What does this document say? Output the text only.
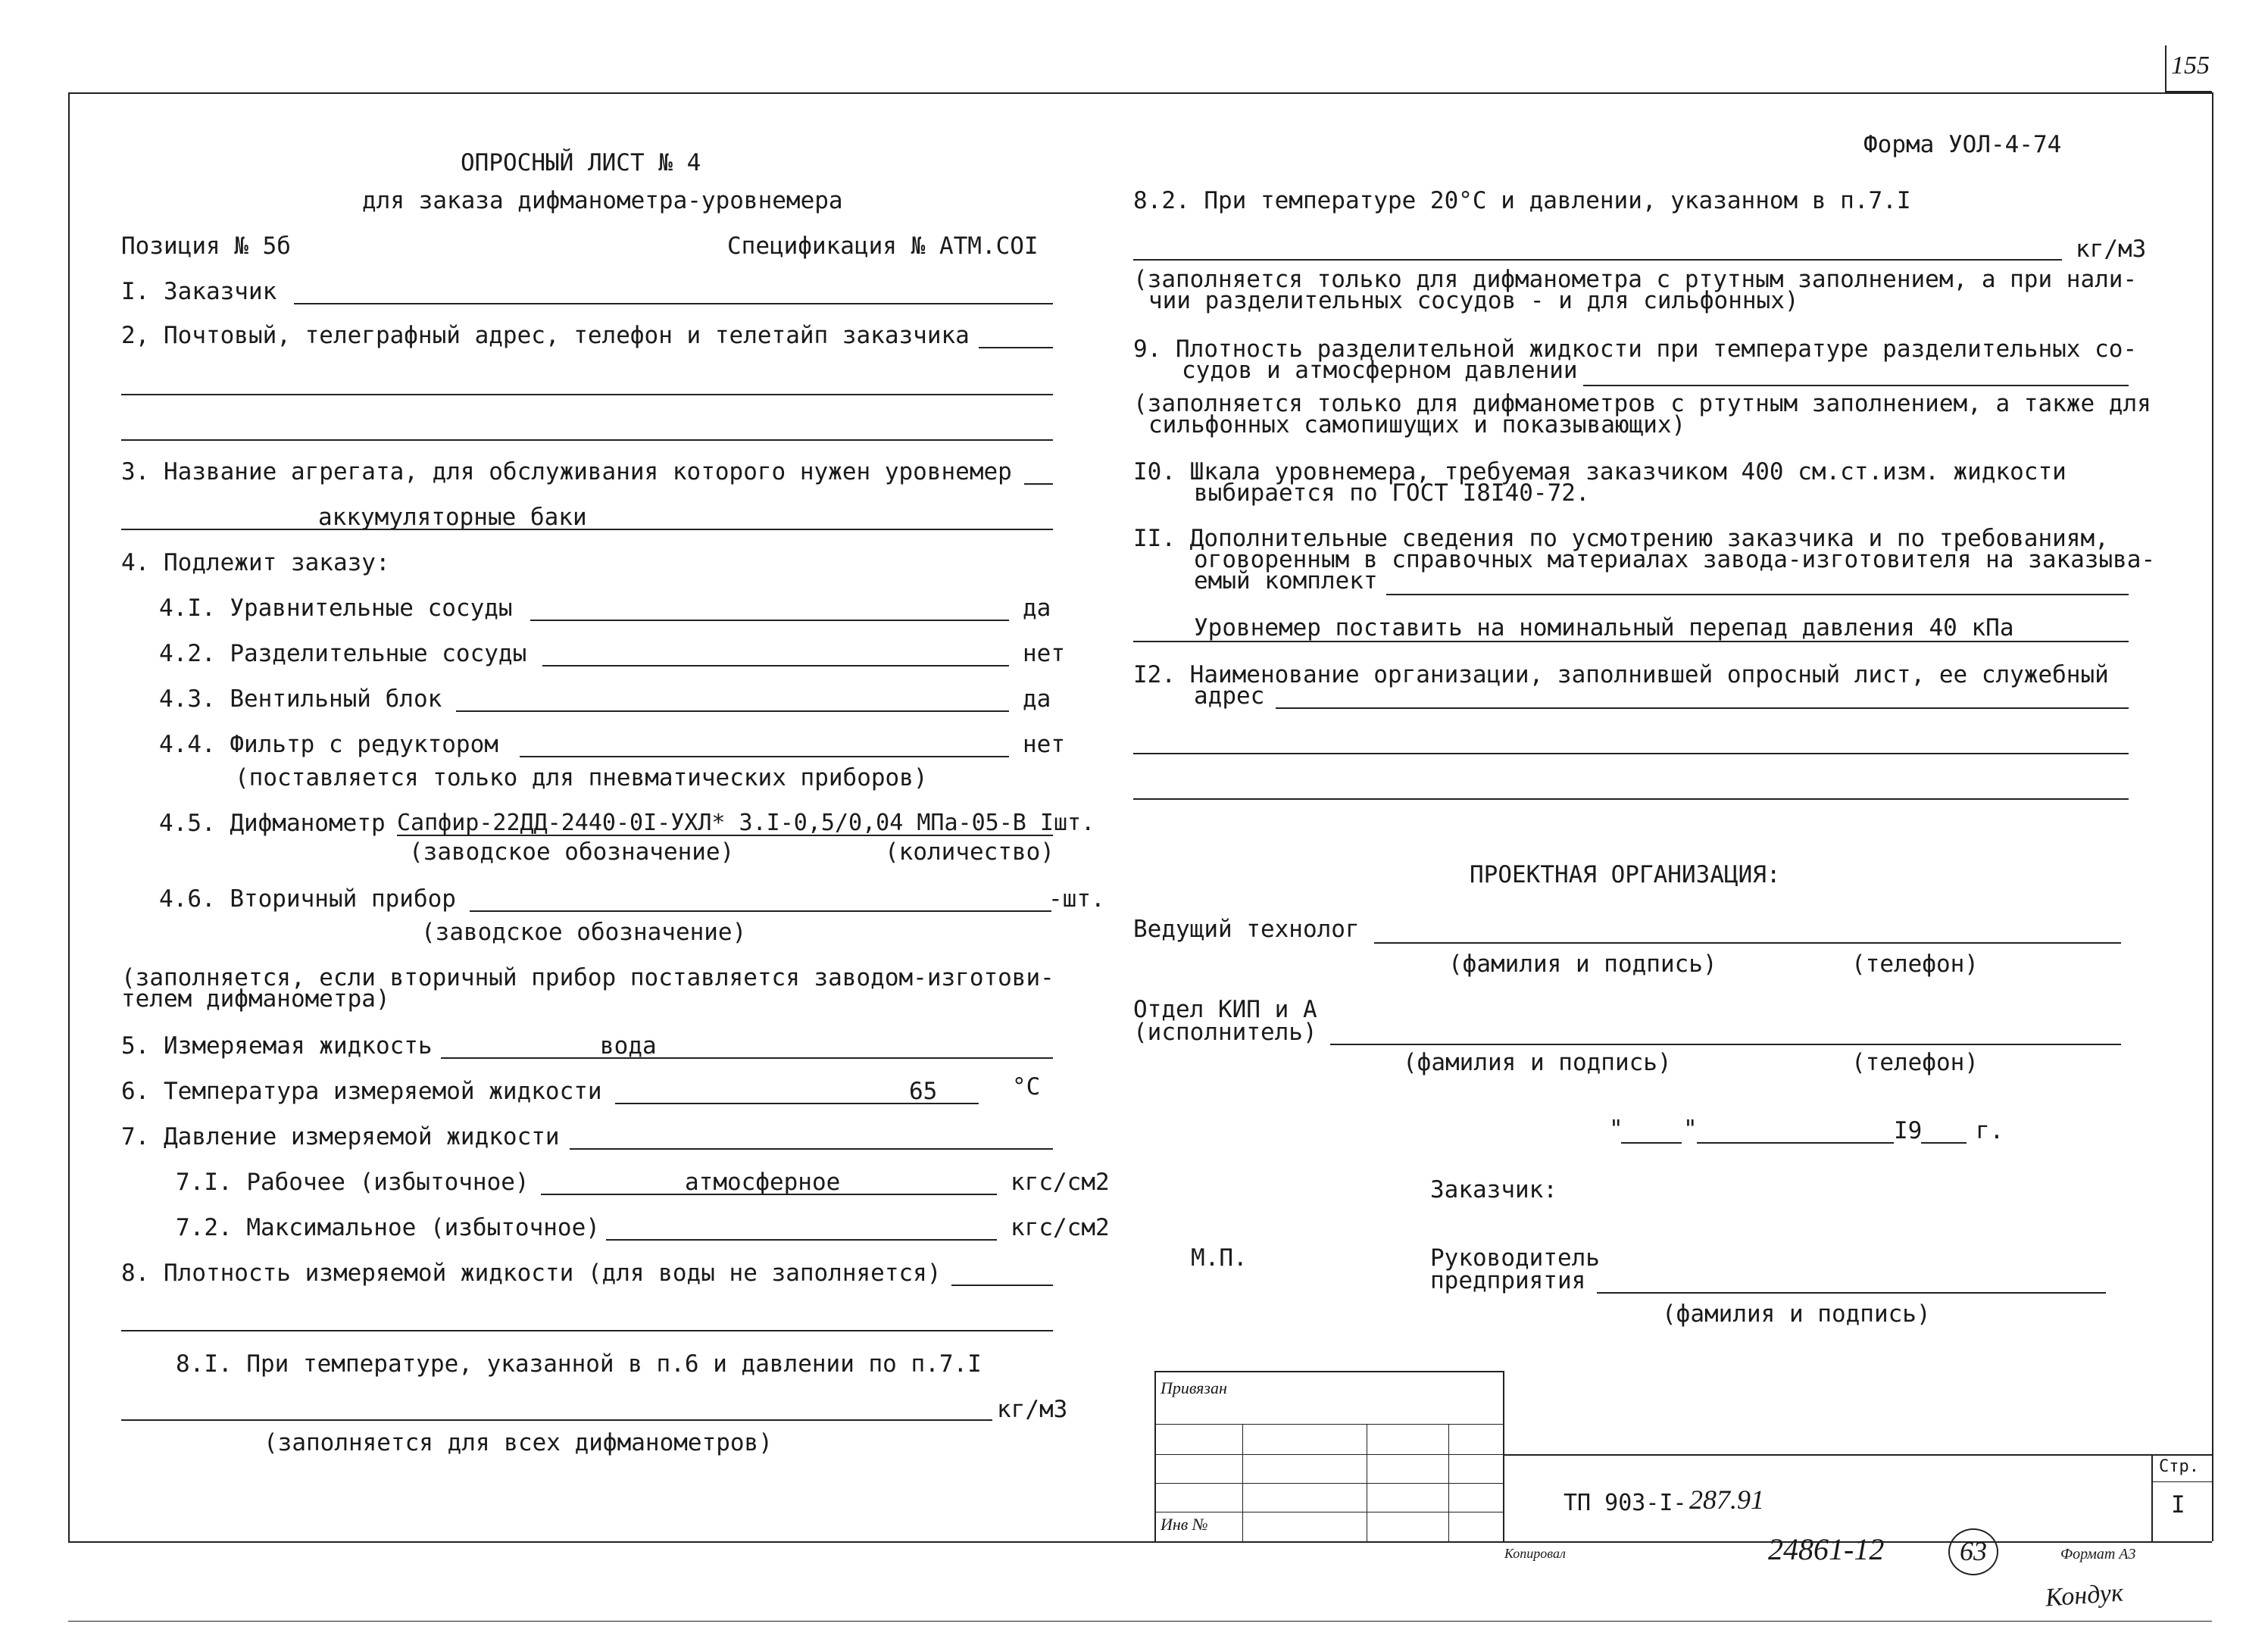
155
Форма УОЛ-4-74
ОПРОСНЫЙ ЛИСТ № 4
для заказа дифманометра-уровнемера
Позиция № 5б	Спецификация № АТМ.СОI
I. Заказчик
2, Почтовый, телеграфный адрес, телефон и телетайп заказчика
3. Название агрегата, для обслуживания которого нужен уровнемер
аккумуляторные баки
4. Подлежит заказу:
4.I. Уравнительные сосуды	да
4.2. Разделительные сосуды	нет
4.3. Вентильный блок	да
4.4. Фильтр с редуктором	нет
(поставляется только для пневматических приборов)
4.5. Дифманометр Сапфир-22ДД-2440-0I-УХЛ* 3.I-0,5/0,04 МПа-05-В Iшт.
(заводское обозначение)	(количество)
4.6. Вторичный прибор	-шт.
(заводское обозначение)
(заполняется, если вторичный прибор поставляется заводом-изготови-
телем дифманометра)
5. Измеряемая жидкость	вода
6. Температура измеряемой жидкости	65	°С
7. Давление измеряемой жидкости
7.I. Рабочее (избыточное)	атмосферное	кгс/см2
7.2. Максимальное (избыточное)	кгс/см2
8. Плотность измеряемой жидкости (для воды не заполняется)
8.I. При температуре, указанной в п.6 и давлении по п.7.I
кг/м3
(заполняется для всех дифманометров)
8.2. При температуре 20°С и давлении, указанном в п.7.I
кг/м3
(заполняется только для дифманометра с ртутным заполнением, а при нали-
чии разделительных сосудов - и для сильфонных)
9. Плотность разделительной жидкости при температуре разделительных со-
судов и атмосферном давлении
(заполняется только для дифманометров с ртутным заполнением, а также для
сильфонных самопишущих и показывающих)
I0. Шкала уровнемера, требуемая заказчиком 400 см.ст.изм. жидкости
выбирается по ГОСТ I8I40-72.
II. Дополнительные сведения по усмотрению заказчика и по требованиям,
оговоренным в справочных материалах завода-изготовителя на заказыва-
емый комплект
Уровнемер поставить на номинальный перепад давления 40 кПа
I2. Наименование организации, заполнившей опросный лист, ее служебный
адрес
ПРОЕКТНАЯ ОРГАНИЗАЦИЯ:
Ведущий технолог
(фамилия и подпись)	(телефон)
Отдел КИП и А
(исполнитель)
(фамилия и подпись)	(телефон)
"	"	I9 г.
Заказчик:
М.П.	Руководитель
предприятия
(фамилия и подпись)
Привязан
Инв №
Стр.
I
ТП 903-I- 287.91
Копировал	24861-12	63	Формат А3
Кондук
